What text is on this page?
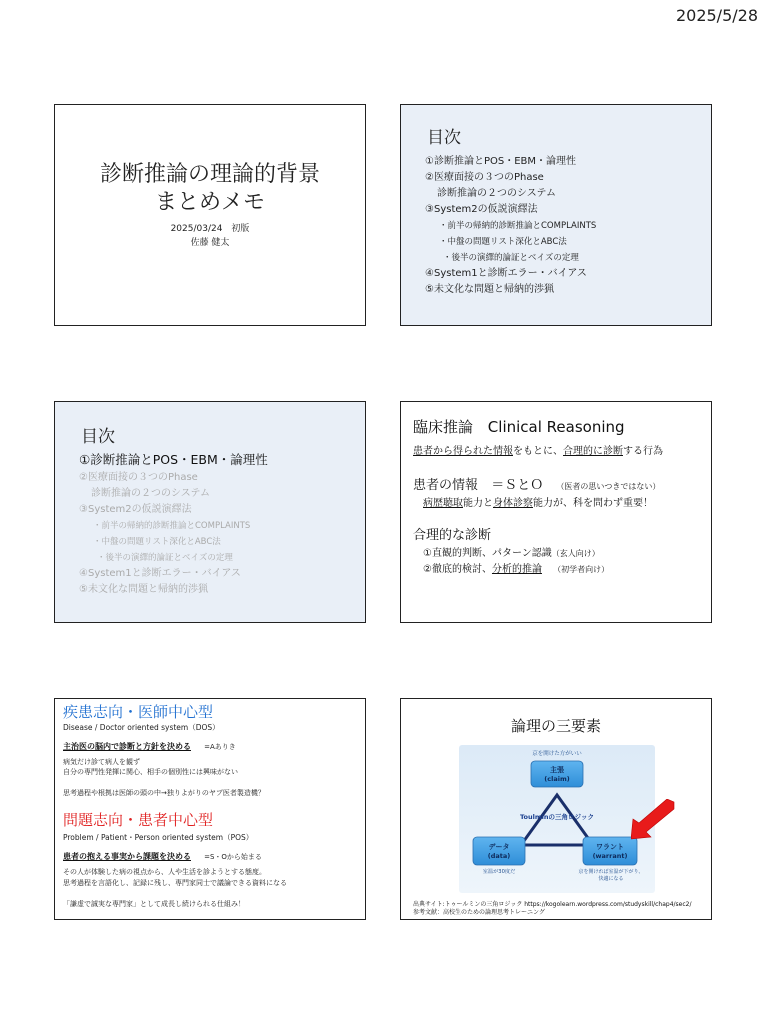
2025/5/28
診断推論の理論的背景
まとめメモ
2025/03/24　初版
佐藤 健太
目次
①診断推論とPOS・EBM・論理性
②医療面接の３つのPhase
診断推論の２つのシステム
③System2の仮説演繹法
・前半の帰納的診断推論とCOMPLAINTS
・中盤の問題リスト深化とABC法
・後半の演繹的論証とベイズの定理
④System1と診断エラー・バイアス
⑤未文化な問題と帰納的渉猟
目次
①診断推論とPOS・EBM・論理性
②医療面接の３つのPhase
診断推論の２つのシステム
③System2の仮説演繹法
・前半の帰納的診断推論とCOMPLAINTS
・中盤の問題リスト深化とABC法
・後半の演繹的論証とベイズの定理
④System1と診断エラー・バイアス
⑤未文化な問題と帰納的渉猟
臨床推論 Clinical Reasoning
患者から得られた情報をもとに、合理的に診断する行為
患者の情報 ＝ＳとＯ （医者の思いつきではない）
病歴聴取能力と身体診察能力が、科を問わず重要！
合理的な診断
①直観的判断、パターン認識（玄人向け）
②徹底的検討、分析的推論 （初学者向け）
疾患志向・医師中心型
Disease / Doctor oriented system（DOS）
主治医の脳内で診断と方針を決める =Aありき
病気だけ診て病人を観ず
自分の専門性発揮に関心、相手の個別性には興味がない
思考過程や根拠は医師の頭の中→独りよがりのヤブ医者製造機？
問題志向・患者中心型
Problem / Patient・Person oriented system（POS）
患者の抱える事実から課題を決める =S・Oから始まる
その人が体験した病の視点から、人や生活を診ようとする態度。
思考過程を言語化し、記録に残し、専門家同士で議論できる資料になる
「謙虚で誠実な専門家」として成長し続けられる仕組み！
論理の三要素
京を開けた方がいい
主張
(claim)
Toulminの三角ロジック
データ
(data)
ワラント
(warrant)
室温が30度だ	京を開ければ室温が下がり、
快適になる
出典サイト:トゥールミンの三角ロジック https://kogolearn.wordpress.com/studyskill/chap4/sec2/
参考文献：高校生のための論理思考トレーニング
